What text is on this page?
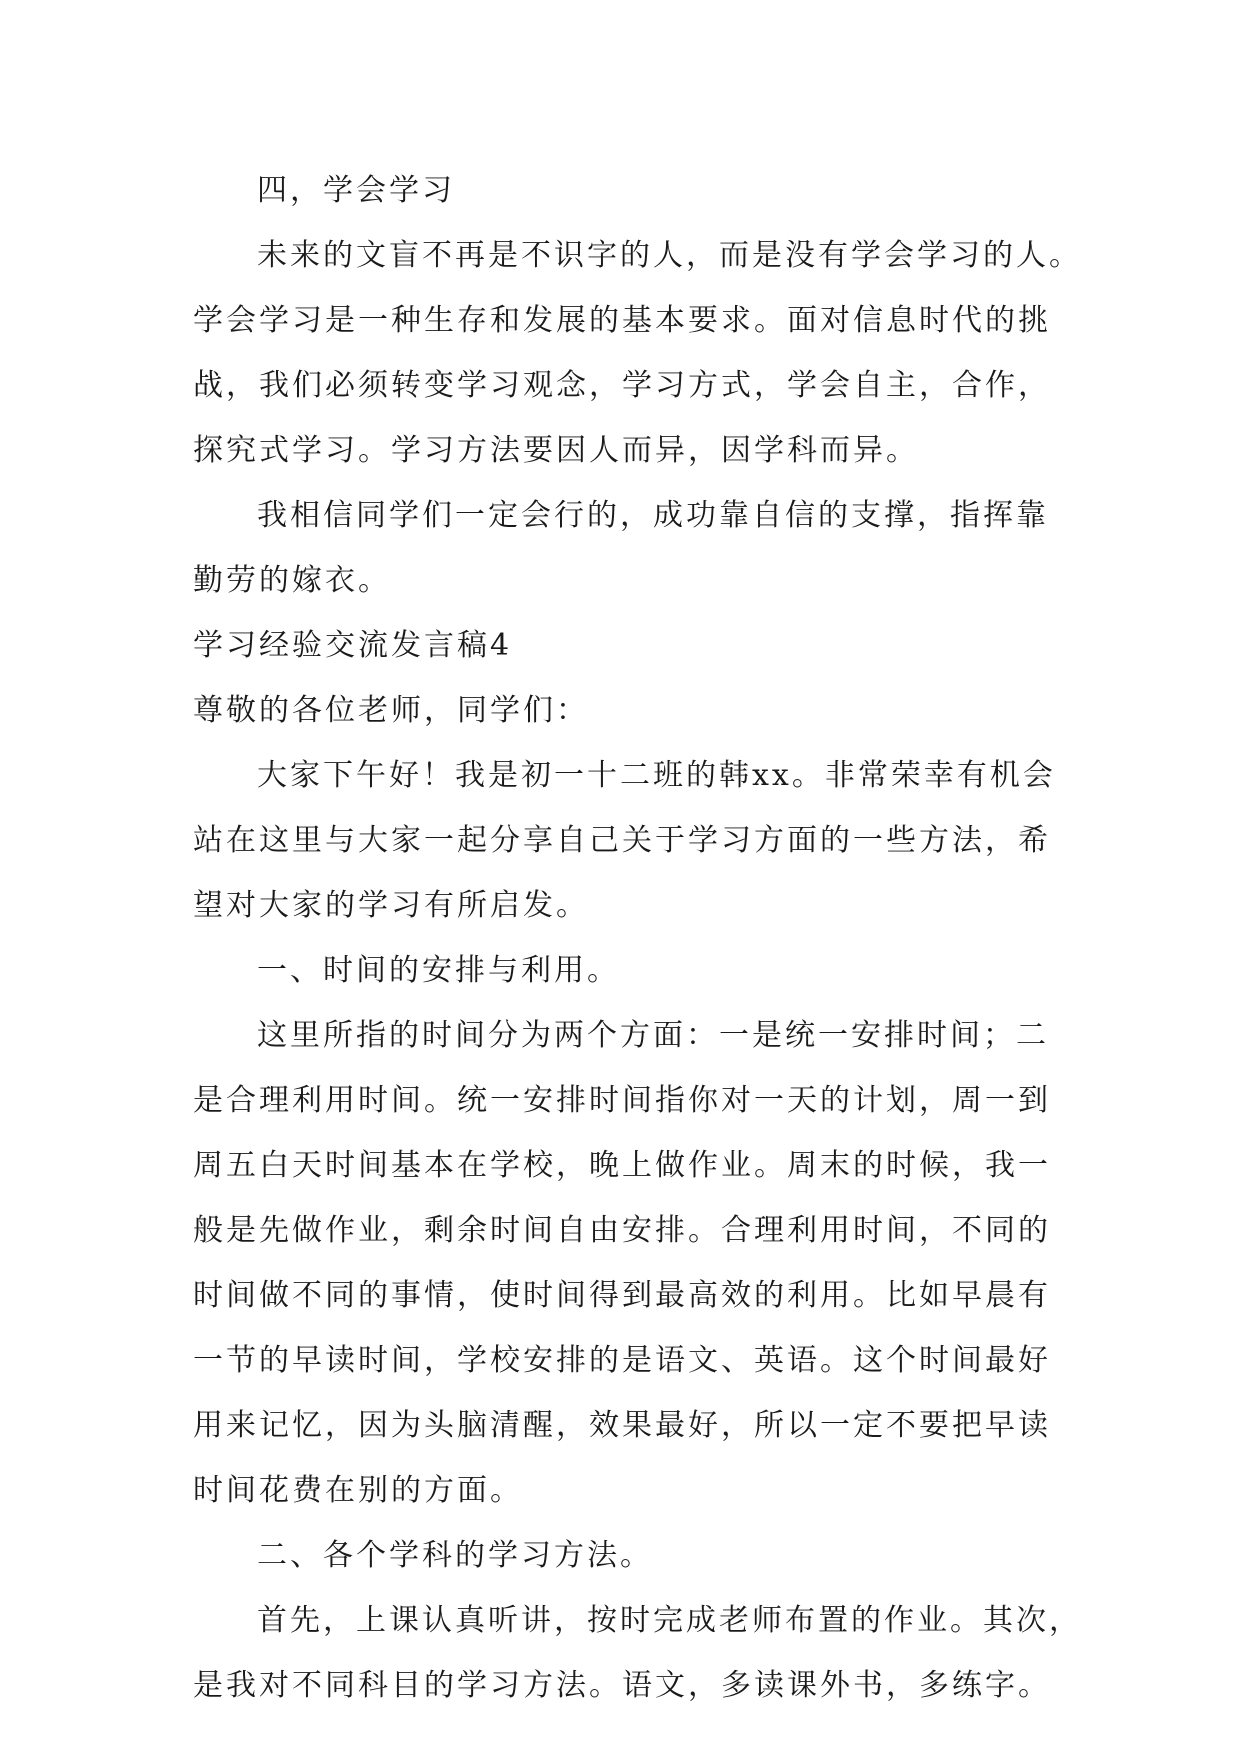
四，学会学习
未来的文盲不再是不识字的人，而是没有学会学习的人。
学会学习是一种生存和发展的基本要求。面对信息时代的挑
战，我们必须转变学习观念，学习方式，学会自主，合作，
探究式学习。学习方法要因人而异，因学科而异。
我相信同学们一定会行的，成功靠自信的支撑，指挥靠
勤劳的嫁衣。
学习经验交流发言稿4
尊敬的各位老师，同学们：
大家下午好！我是初一十二班的韩xx。非常荣幸有机会
站在这里与大家一起分享自己关于学习方面的一些方法，希
望对大家的学习有所启发。
一、时间的安排与利用。
这里所指的时间分为两个方面：一是统一安排时间；二
是合理利用时间。统一安排时间指你对一天的计划，周一到
周五白天时间基本在学校，晚上做作业。周末的时候，我一
般是先做作业，剩余时间自由安排。合理利用时间，不同的
时间做不同的事情，使时间得到最高效的利用。比如早晨有
一节的早读时间，学校安排的是语文、英语。这个时间最好
用来记忆，因为头脑清醒，效果最好，所以一定不要把早读
时间花费在别的方面。
二、各个学科的学习方法。
首先，上课认真听讲，按时完成老师布置的作业。其次，
是我对不同科目的学习方法。语文，多读课外书，多练字。
